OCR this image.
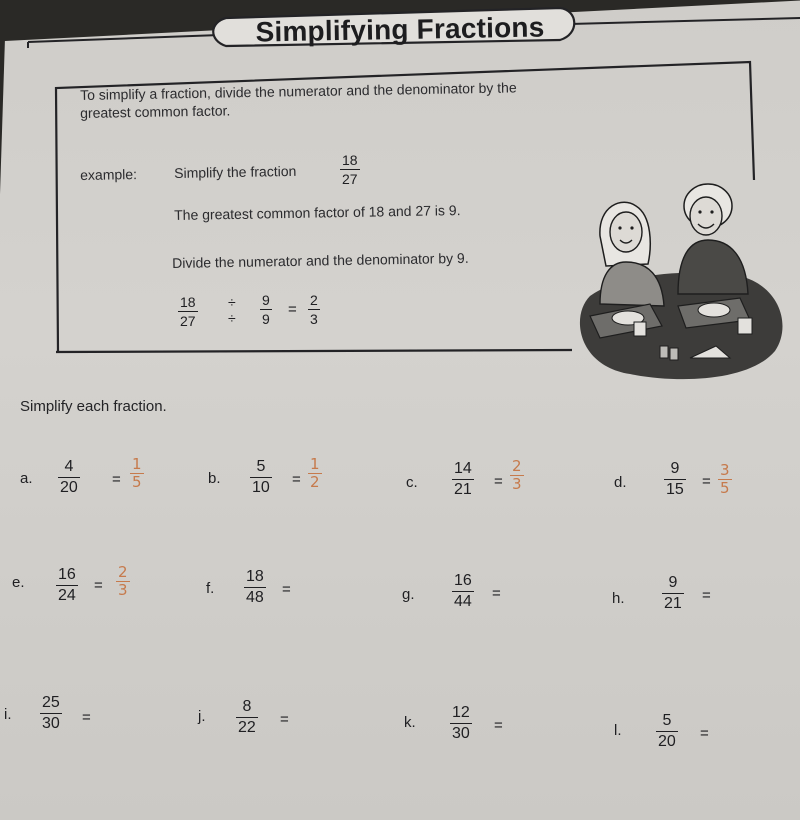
Simplifying Fractions
To simplify a fraction, divide the numerator and the denominator by the
greatest common factor.
example:	Simplify the fraction
18
27
The greatest common factor of 18 and 27 is 9.
Divide the numerator and the denominator by 9.
18
27
÷
÷
9
9
=
2
3
Simplify each fraction.
a.
4
20 =
1
5	b.
5
10 =
1
2	c.
14
21 =
2
3	d.
9
15 =
3
5
e. 16
24
=
2
3	f.
18
48 =	g.
16
44 =	h.
9
21 =
i.
25
30 =	j.
8
22 =	k.
12
30 =	l.
5
20 =
